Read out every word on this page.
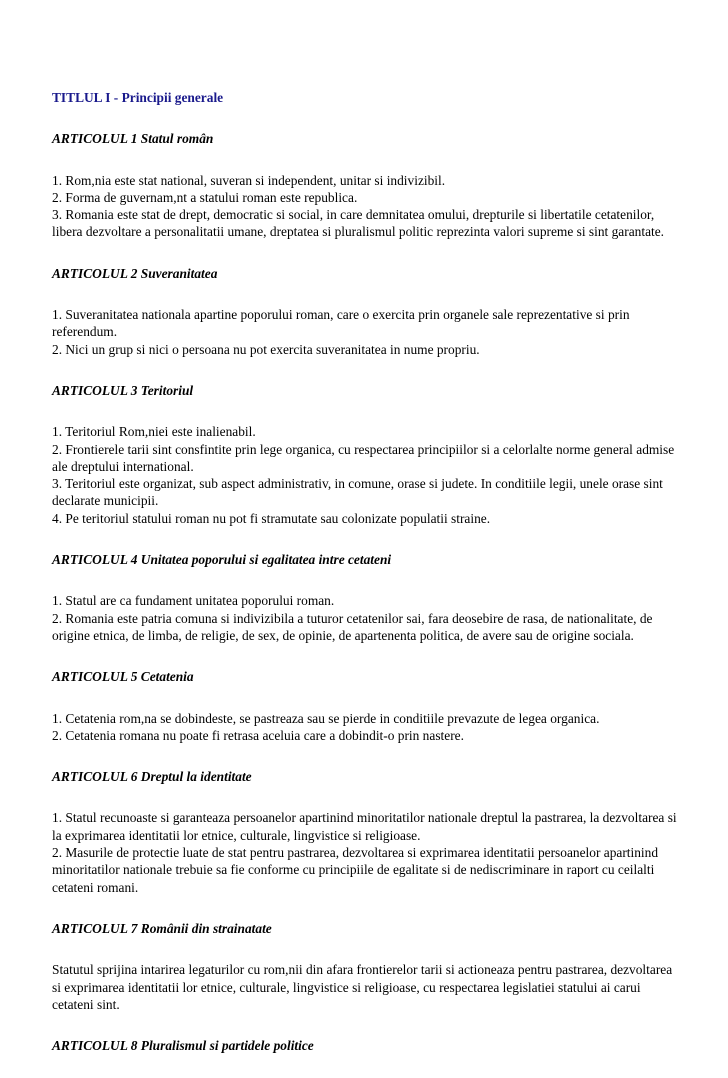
TITLUL I - Principii generale
ARTICOLUL 1 Statul român
1. Rom,nia este stat national, suveran si independent, unitar si indivizibil.
2. Forma de guvernam,nt a statului roman este republica.
3. Romania este stat de drept, democratic si social, in care demnitatea omului, drepturile si libertatile cetatenilor, libera dezvoltare a personalitatii umane, dreptatea si pluralismul politic reprezinta valori supreme si sint garantate.
ARTICOLUL 2 Suveranitatea
1. Suveranitatea nationala apartine poporului roman, care o exercita prin organele sale reprezentative si prin referendum.
2. Nici un grup si nici o persoana nu pot exercita suveranitatea in nume propriu.
ARTICOLUL 3 Teritoriul
1. Teritoriul Rom,niei este inalienabil.
2. Frontierele tarii sint consfintite prin lege organica, cu respectarea principiilor si a celorlalte norme general admise ale dreptului international.
3. Teritoriul este organizat, sub aspect administrativ, in comune, orase si judete. In conditiile legii, unele orase sint declarate municipii.
4. Pe teritoriul statului roman nu pot fi stramutate sau colonizate populatii straine.
ARTICOLUL 4 Unitatea poporului si egalitatea intre cetateni
1. Statul are ca fundament unitatea poporului roman.
2. Romania este patria comuna si indivizibila a tuturor cetatenilor sai, fara deosebire de rasa, de nationalitate, de origine etnica, de limba, de religie, de sex, de opinie, de apartenenta politica, de avere sau de origine sociala.
ARTICOLUL 5 Cetatenia
1. Cetatenia rom,na se dobindeste, se pastreaza sau se pierde in conditiile prevazute de legea organica.
2. Cetatenia romana nu poate fi retrasa aceluia care a dobindit-o prin nastere.
ARTICOLUL 6 Dreptul la identitate
1. Statul recunoaste si garanteaza persoanelor apartinind minoritatilor nationale dreptul la pastrarea, la dezvoltarea si la exprimarea identitatii lor etnice, culturale, lingvistice si religioase.
2. Masurile de protectie luate de stat pentru pastrarea, dezvoltarea si exprimarea identitatii persoanelor apartinind minoritatilor nationale trebuie sa fie conforme cu principiile de egalitate si de nediscriminare in raport cu ceilalti cetateni romani.
ARTICOLUL 7 Românii din strainatate
Statutul sprijina intarirea legaturilor cu rom,nii din afara frontierelor tarii si actioneaza pentru pastrarea, dezvoltarea si exprimarea identitatii lor etnice, culturale, lingvistice si religioase, cu respectarea legislatiei statului ai carui cetateni sint.
ARTICOLUL 8 Pluralismul si partidele politice
